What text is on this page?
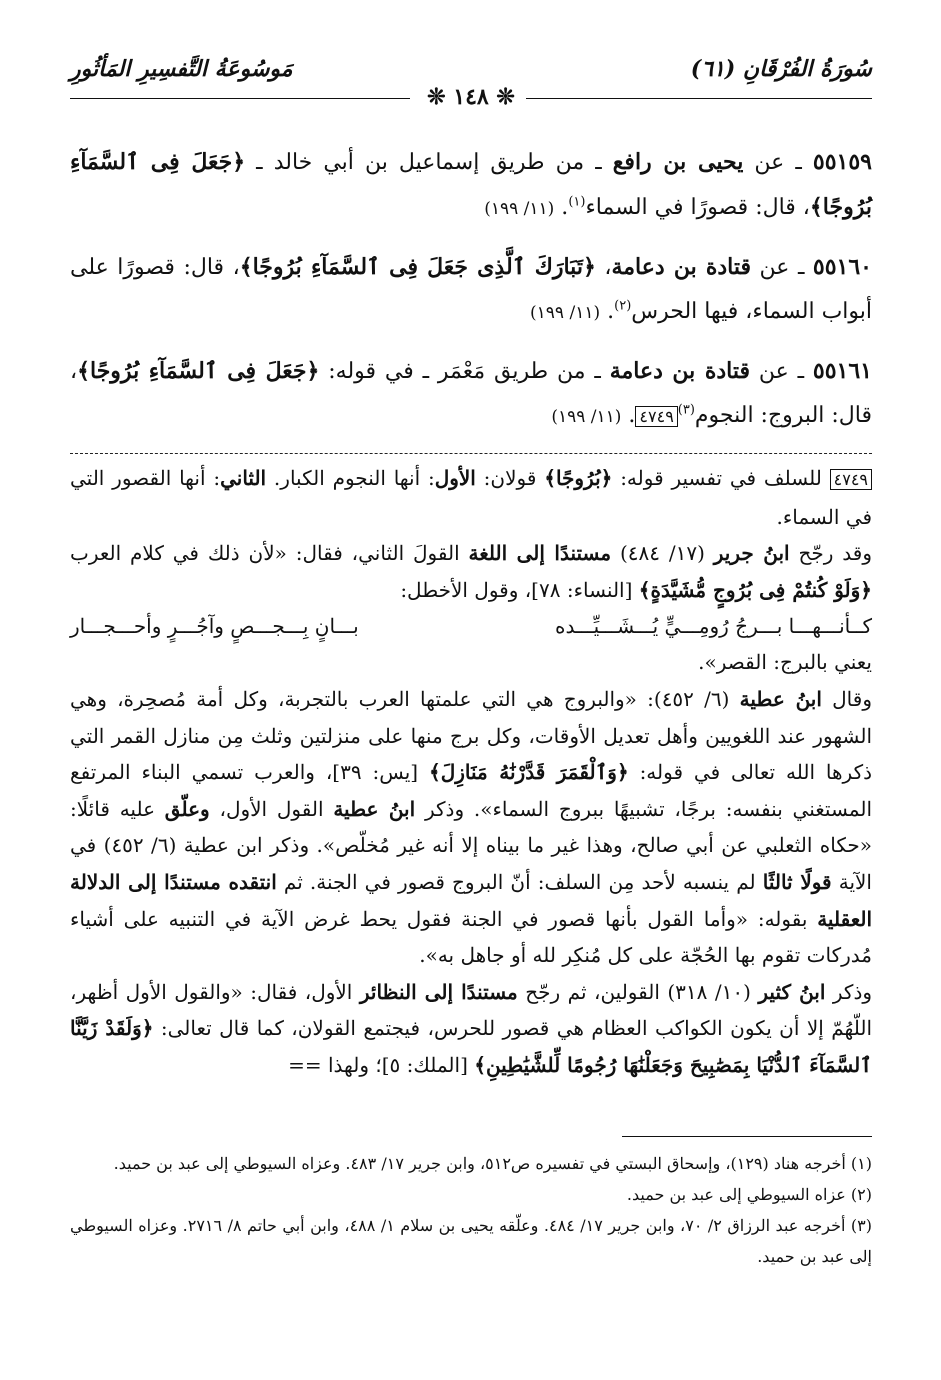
سُورَةُ الفُرْقَانِ (٦١)
مَوسُوعَةُ التَّفسِيرِ المَأثُورِ
❊ ١٤٨ ❊

٥٥١٥٩ ـ عن يحيى بن رافع ـ من طريق إسماعيل بن أبي خالد ـ ﴿جَعَلَ فِى ٱلسَّمَآءِ بُرُوجًا﴾، قال: قصورًا في السماء$^{(١)}$. (١١/ ١٩٩)

٥٥١٦٠ ـ عن قتادة بن دعامة، ﴿تَبَارَكَ ٱلَّذِى جَعَلَ فِى ٱلسَّمَآءِ بُرُوجًا﴾، قال: قصورًا على أبواب السماء، فيها الحرس$^{(٢)}$. (١١/ ١٩٩)

٥٥١٦١ ـ عن قتادة بن دعامة ـ من طريق مَعْمَر ـ في قوله: ﴿جَعَلَ فِى ٱلسَّمَآءِ بُرُوجًا﴾، قال: البروج: النجوم$^{(٣)}$٤٧٤٩. (١١/ ١٩٩)

٤٧٤٩ للسلف في تفسير قوله: ﴿بُرُوجًا﴾ قولان: الأول: أنها النجوم الكبار. الثاني: أنها القصور التي في السماء.

وقد رجّح ابنُ جرير (١٧/ ٤٨٤) مستندًا إلى اللغة القولَ الثاني، فقال: «لأن ذلك في كلام العرب ﴿وَلَوْ كُنتُمْ فِى بُرُوجٍ مُّشَيَّدَةٍ﴾ [النساء: ٧٨]، وقول الأخطل:

كــأنـــهـــا بـــرجُ رُومِـــيٍّ يُـــشَـــيِّـــده
بـــانٍ بِـــجـــصٍ وآجُـــرٍ وأحـــجـــار

يعني بالبرج: القصر».

وقال ابنُ عطية (٦/ ٤٥٢): «والبروج هي التي علمتها العرب بالتجربة، وكل أمة مُصحِرة، وهي الشهور عند اللغويين وأهل تعديل الأوقات، وكل برج منها على منزلتين وثلث مِن منازل القمر التي ذكرها الله تعالى في قوله: ﴿وَٱلْقَمَرَ قَدَّرْنَٰهُ مَنَازِلَ﴾ [يس: ٣٩]، والعرب تسمي البناء المرتفع المستغني بنفسه: برجًا، تشبيهًا ببروج السماء». وذكر ابنُ عطية القول الأول، وعلّق عليه قائلًا: «حكاه الثعلبي عن أبي صالح، وهذا غير ما بيناه إلا أنه غير مُخلّص». وذكر ابن عطية (٦/ ٤٥٢) في الآية قولًا ثالثًا لم ينسبه لأحد مِن السلف: أنّ البروج قصور في الجنة. ثم انتقده مستندًا إلى الدلالة العقلية بقوله: «وأما القول بأنها قصور في الجنة فقول يحط غرض الآية في التنبيه على أشياء مُدركات تقوم بها الحُجّة على كل مُنكِر لله أو جاهل به».

وذكر ابنُ كثير (١٠/ ٣١٨) القولين، ثم رجّح مستندًا إلى النظائر الأول، فقال: «والقول الأول أظهر، اللّهُمّ إلا أن يكون الكواكب العظام هي قصور للحرس، فيجتمع القولان، كما قال تعالى: ﴿وَلَقَدْ زَيَّنَّا ٱلسَّمَآءَ ٱلدُّنْيَا بِمَصَٰبِيحَ وَجَعَلْنَٰهَا رُجُومًا لِّلشَّيَٰطِينِ﴾ [الملك: ٥]؛ ولهذا ==

(١) أخرجه هناد (١٢٩)، وإسحاق البستي في تفسيره ص٥١٢، وابن جرير ١٧/ ٤٨٣. وعزاه السيوطي إلى عبد بن حميد.

(٢) عزاه السيوطي إلى عبد بن حميد.

(٣) أخرجه عبد الرزاق ٢/ ٧٠، وابن جرير ١٧/ ٤٨٤. وعلّقه يحيى بن سلام ١/ ٤٨٨، وابن أبي حاتم ٨/ ٢٧١٦. وعزاه السيوطي إلى عبد بن حميد.
